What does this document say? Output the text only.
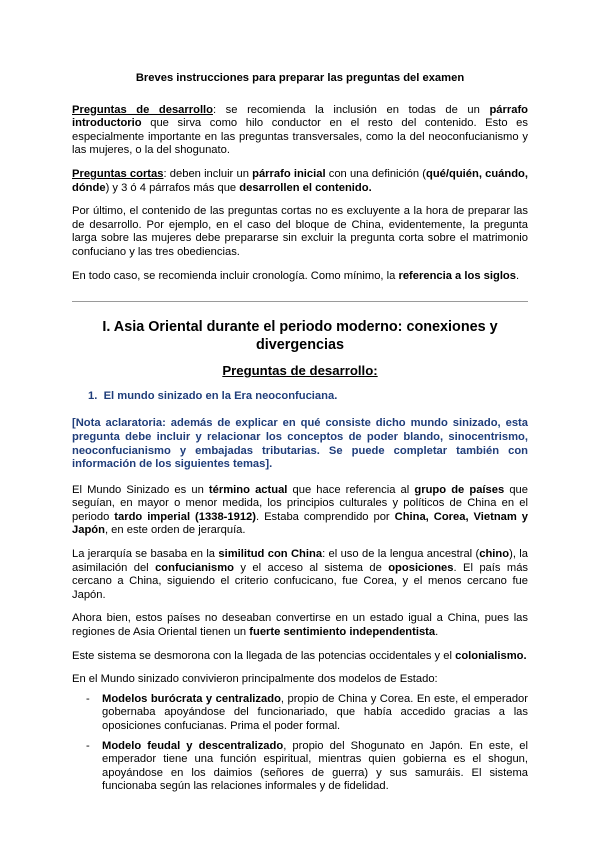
Breves instrucciones para preparar las preguntas del examen

Preguntas de desarrollo: se recomienda la inclusión en todas de un párrafo introductorio que sirva como hilo conductor en el resto del contenido. Esto es especialmente importante en las preguntas transversales, como la del neoconfucianismo y las mujeres, o la del shogunato.

Preguntas cortas: deben incluir un párrafo inicial con una definición (qué/quién, cuándo, dónde) y 3 ó 4 párrafos más que desarrollen el contenido.

Por último, el contenido de las preguntas cortas no es excluyente a la hora de preparar las de desarrollo. Por ejemplo, en el caso del bloque de China, evidentemente, la pregunta larga sobre las mujeres debe prepararse sin excluir la pregunta corta sobre el matrimonio confuciano y las tres obediencias.

En todo caso, se recomienda incluir cronología. Como mínimo, la referencia a los siglos.

I. Asia Oriental durante el periodo moderno: conexiones y divergencias

Preguntas de desarrollo:

1. El mundo sinizado en la Era neoconfuciana.

[Nota aclaratoria: además de explicar en qué consiste dicho mundo sinizado, esta pregunta debe incluir y relacionar los conceptos de poder blando, sinocentrismo, neoconfucianismo y embajadas tributarias. Se puede completar también con información de los siguientes temas].

El Mundo Sinizado es un término actual que hace referencia al grupo de países que seguían, en mayor o menor medida, los principios culturales y políticos de China en el periodo tardo imperial (1338-1912). Estaba comprendido por China, Corea, Vietnam y Japón, en este orden de jerarquía.

La jerarquía se basaba en la similitud con China: el uso de la lengua ancestral (chino), la asimilación del confucianismo y el acceso al sistema de oposiciones. El país más cercano a China, siguiendo el criterio confucicano, fue Corea, y el menos cercano fue Japón.

Ahora bien, estos países no deseaban convertirse en un estado igual a China, pues las regiones de Asia Oriental tienen un fuerte sentimiento independentista.

Este sistema se desmorona con la llegada de las potencias occidentales y el colonialismo.

En el Mundo sinizado convivieron principalmente dos modelos de Estado:

- Modelos burócrata y centralizado, propio de China y Corea. En este, el emperador gobernaba apoyándose del funcionariado, que había accedido gracias a las oposiciones confucianas. Prima el poder formal.
- Modelo feudal y descentralizado, propio del Shogunato en Japón. En este, el emperador tiene una función espiritual, mientras quien gobierna es el shogun, apoyándose en los daimios (señores de guerra) y sus samuráis. El sistema funcionaba según las relaciones informales y de fidelidad.
